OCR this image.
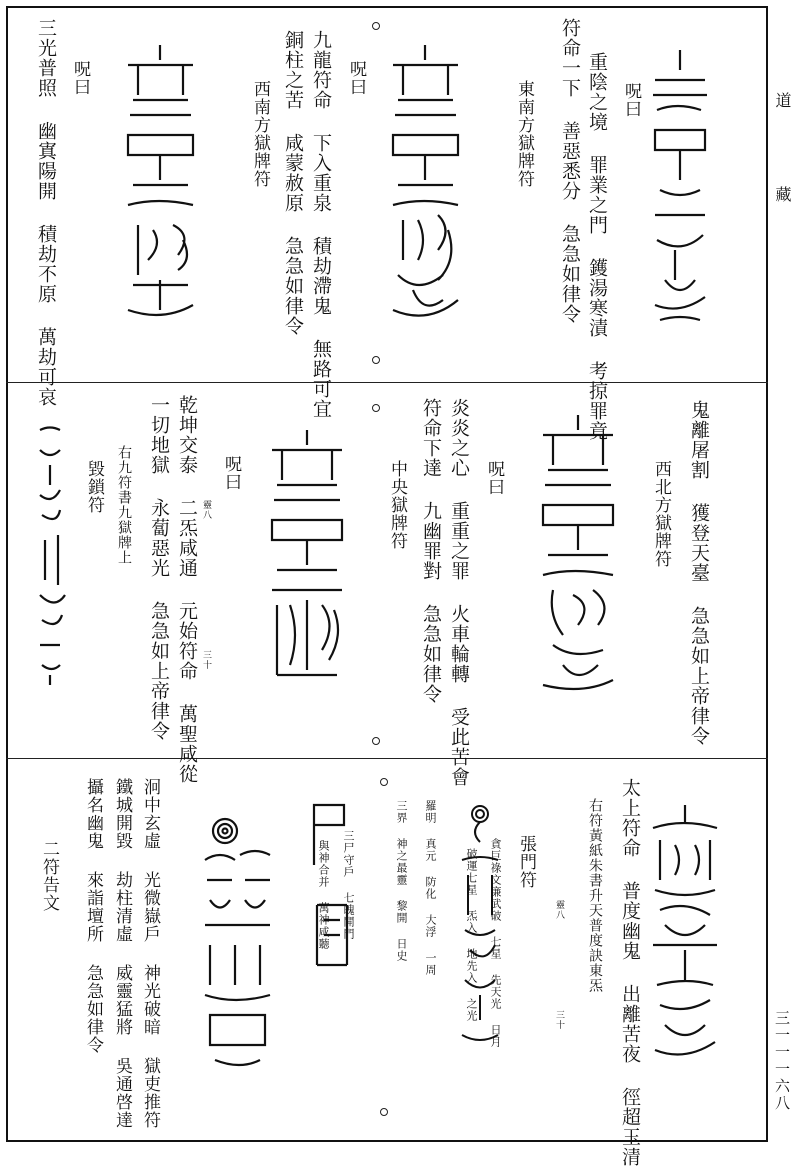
道
藏
三一一一六八
重陰之境 罪業之門 鑊湯寒漬 考掠罪竟
符命一下 善惡悉分 急急如律令 呪曰
東南方獄牌符
九龍符命 下入重泉 積劫滯鬼 無路可宜
銅柱之苦 咸蒙赦原 急急如律令 呪曰
西南方獄牌符
三光普照 幽寘陽開 積劫不原 萬劫可哀 呪曰
鬼離屠割 獲登天臺 急急如上帝律令
西北方獄牌符
炎炎之心 重重之罪 火車輪轉 受此苦會
符命下達 九幽罪對 急急如律令 呪曰
中央獄牌符
乾坤交泰 二炁咸通 元始符命 萬聖咸從
一切地獄 永蔔惡光 急急如上帝律令	呪曰
右九符書九獄牌上
毀鎖符	靈八
三十
太上符命 普度幽鬼 出離苦夜 徑超玉清
右符黃紙朱書升天普度訣東炁
張門符
貪巨祿文廉武破 七星 先天光 日月
破運七星 炁入 地先入 之光
羅明 真元 防化 大浮 一周
三界 神之最靈 黎開 日史
三尸守戶 七魄開門
與神合并 萬神咸聽
泂中玄虛 光微嶽戶 神光破暗 獄吏推符
鐵城開毀 劫柱清虛 威靈猛將 吳通啓達
攝名幽鬼 來詣壇所 急急如律令
二符告文	靈八
三十
